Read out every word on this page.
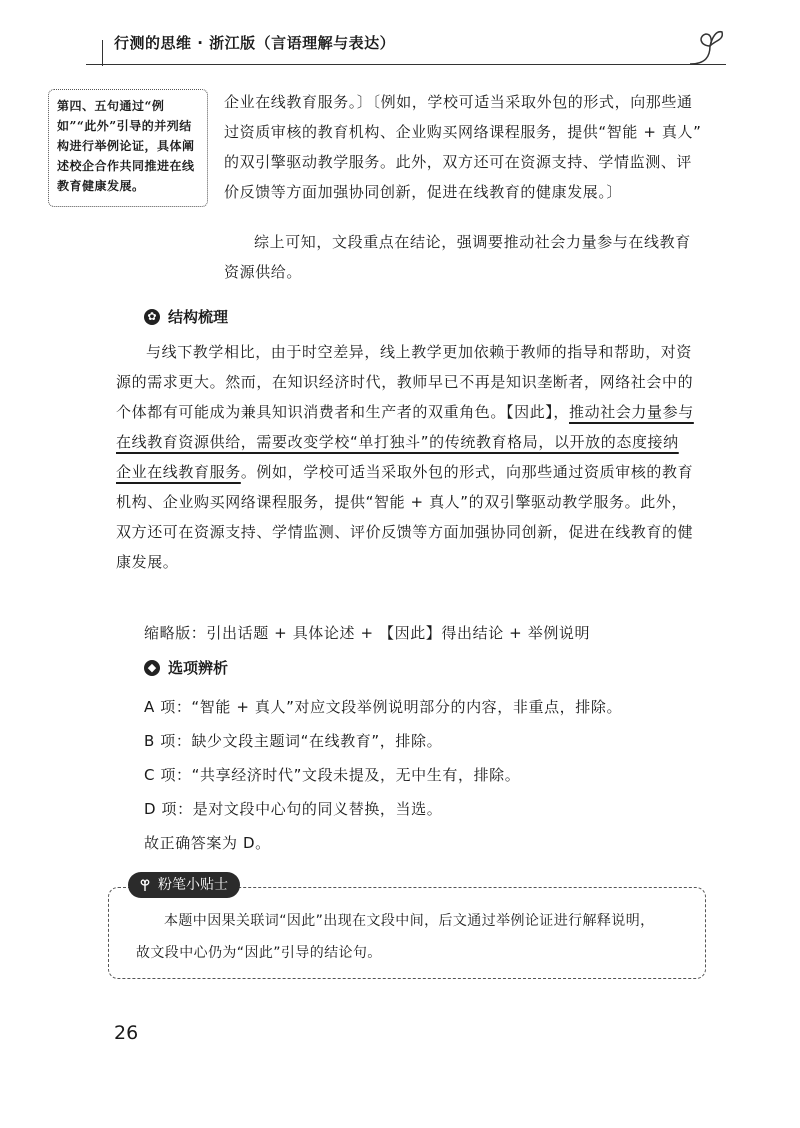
行测的思维 · 浙江版（言语理解与表达）
第四、五句通过“例如”“此外”引导的并列结构进行举例论证，具体阐述校企合作共同推进在线教育健康发展。
企业在线教育服务。〕〔例如，学校可适当采取外包的形式，向那些通
过资质审核的教育机构、企业购买网络课程服务，提供“智能 + 真人”
的双引擎驱动教学服务。此外，双方还可在资源支持、学情监测、评
价反馈等方面加强协同创新，促进在线教育的健康发展。〕
综上可知，文段重点在结论，强调要推动社会力量参与在线教育
资源供给。
✿ 结构梳理
与线下教学相比，由于时空差异，线上教学更加依赖于教师的指导和帮助，对资
源的需求更大。然而，在知识经济时代，教师早已不再是知识垄断者，网络社会中的
个体都有可能成为兼具知识消费者和生产者的双重角色。【因此】，推动社会力量参与
在线教育资源供给，需要改变学校“单打独斗”的传统教育格局，以开放的态度接纳
企业在线教育服务。例如，学校可适当采取外包的形式，向那些通过资质审核的教育
机构、企业购买网络课程服务，提供“智能 + 真人”的双引擎驱动教学服务。此外，
双方还可在资源支持、学情监测、评价反馈等方面加强协同创新，促进在线教育的健
康发展。
缩略版：引出话题 + 具体论述 + 【因此】得出结论 + 举例说明
◆ 选项辨析
A 项：“智能 + 真人”对应文段举例说明部分的内容，非重点，排除。
B 项：缺少文段主题词“在线教育”，排除。
C 项：“共享经济时代”文段未提及，无中生有，排除。
D 项：是对文段中心句的同义替换，当选。
故正确答案为 D。
粉笔小贴士
本题中因果关联词“因此”出现在文段中间，后文通过举例论证进行解释说明，
故文段中心仍为“因此”引导的结论句。
26
